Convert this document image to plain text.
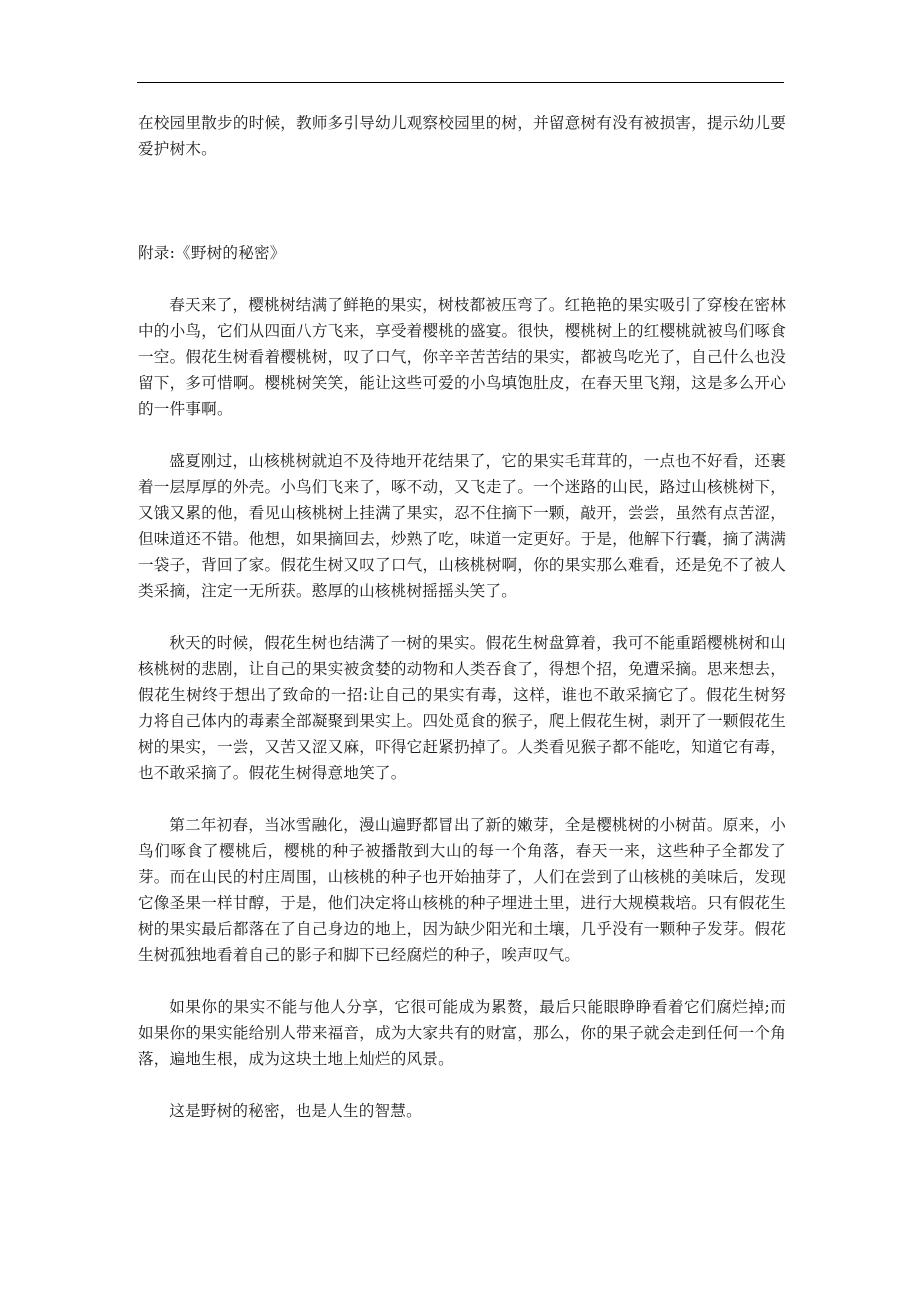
在校园里散步的时候，教师多引导幼儿观察校园里的树，并留意树有没有被损害，提示幼儿要爱护树木。

附录:《野树的秘密》

春天来了，樱桃树结满了鲜艳的果实，树枝都被压弯了。红艳艳的果实吸引了穿梭在密林中的小鸟，它们从四面八方飞来，享受着樱桃的盛宴。很快，樱桃树上的红樱桃就被鸟们啄食一空。假花生树看着樱桃树，叹了口气，你辛辛苦苦结的果实，都被鸟吃光了，自己什么也没留下，多可惜啊。樱桃树笑笑，能让这些可爱的小鸟填饱肚皮，在春天里飞翔，这是多么开心的一件事啊。

盛夏刚过，山核桃树就迫不及待地开花结果了，它的果实毛茸茸的，一点也不好看，还裹着一层厚厚的外壳。小鸟们飞来了，啄不动，又飞走了。一个迷路的山民，路过山核桃树下，又饿又累的他，看见山核桃树上挂满了果实，忍不住摘下一颗，敲开，尝尝，虽然有点苦涩，但味道还不错。他想，如果摘回去，炒熟了吃，味道一定更好。于是，他解下行囊，摘了满满一袋子，背回了家。假花生树又叹了口气，山核桃树啊，你的果实那么难看，还是免不了被人类采摘，注定一无所获。憨厚的山核桃树摇摇头笑了。

秋天的时候，假花生树也结满了一树的果实。假花生树盘算着，我可不能重蹈樱桃树和山核桃树的悲剧，让自己的果实被贪婪的动物和人类吞食了，得想个招，免遭采摘。思来想去，假花生树终于想出了致命的一招:让自己的果实有毒，这样，谁也不敢采摘它了。假花生树努力将自己体内的毒素全部凝聚到果实上。四处觅食的猴子，爬上假花生树，剥开了一颗假花生树的果实，一尝，又苦又涩又麻，吓得它赶紧扔掉了。人类看见猴子都不能吃，知道它有毒，也不敢采摘了。假花生树得意地笑了。

第二年初春，当冰雪融化，漫山遍野都冒出了新的嫩芽，全是樱桃树的小树苗。原来，小鸟们啄食了樱桃后，樱桃的种子被播散到大山的每一个角落，春天一来，这些种子全都发了芽。而在山民的村庄周围，山核桃的种子也开始抽芽了，人们在尝到了山核桃的美味后，发现它像圣果一样甘醇，于是，他们决定将山核桃的种子埋进土里，进行大规模栽培。只有假花生树的果实最后都落在了自己身边的地上，因为缺少阳光和土壤，几乎没有一颗种子发芽。假花生树孤独地看着自己的影子和脚下已经腐烂的种子，唉声叹气。

如果你的果实不能与他人分享，它很可能成为累赘，最后只能眼睁睁看着它们腐烂掉;而如果你的果实能给别人带来福音，成为大家共有的财富，那么，你的果子就会走到任何一个角落，遍地生根，成为这块土地上灿烂的风景。

这是野树的秘密，也是人生的智慧。
